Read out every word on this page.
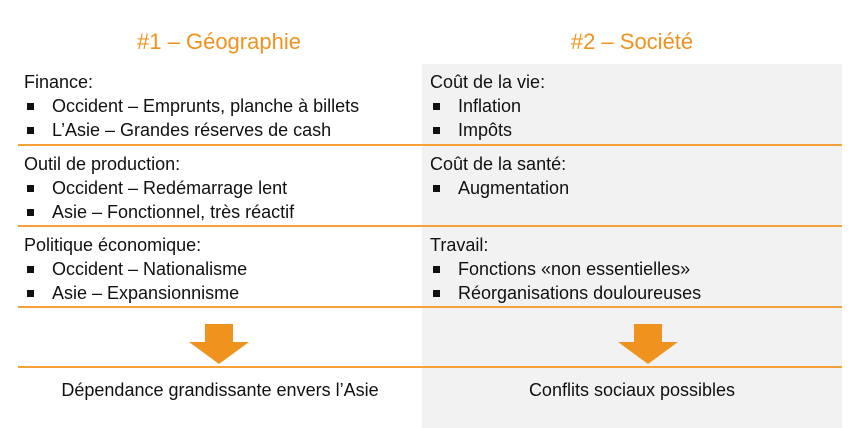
#1 – Géographie	#2 – Société
Finance:
Occident – Emprunts, planche à billets
L’Asie – Grandes réserves de cash
Coût de la vie:
Inflation
Impôts
Outil de production:
Occident – Redémarrage lent
Asie – Fonctionnel, très réactif
Coût de la santé:
Augmentation
Politique économique:
Occident – Nationalisme
Asie – Expansionnisme
Travail:
Fonctions «non essentielles»
Réorganisations douloureuses
Dépendance grandissante envers l’Asie	Conflits sociaux possibles
